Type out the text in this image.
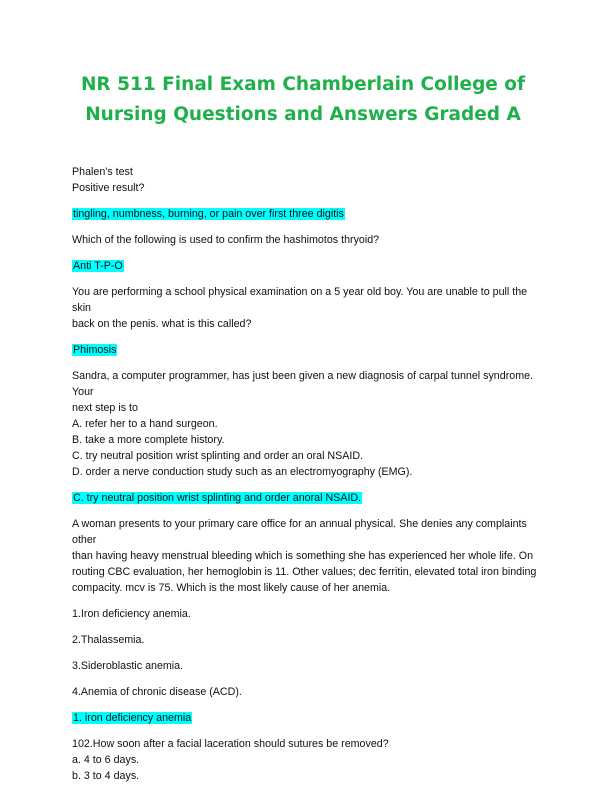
NR 511 Final Exam Chamberlain College of Nursing Questions and Answers Graded A

Phalen's test
Positive result?

tingling, numbness, burning, or pain over first three digitis

Which of the following is used to confirm the hashimotos thryoid?

Anti T-P-O

You are performing a school physical examination on a 5 year old boy. You are unable to pull the skin
back on the penis. what is this called?

Phimosis

Sandra, a computer programmer, has just been given a new diagnosis of carpal tunnel syndrome. Your
next step is to
A. refer her to a hand surgeon.
B. take a more complete history.
C. try neutral position wrist splinting and order an oral NSAID.
D. order a nerve conduction study such as an electromyography (EMG).

C. try neutral position wrist splinting and order anoral NSAID.

A woman presents to your primary care office for an annual physical. She denies any complaints other
than having heavy menstrual bleeding which is something she has experienced her whole life. On
routing CBC evaluation, her hemoglobin is 11. Other values; dec ferritin, elevated total iron binding
compacity. mcv is 75. Which is the most likely cause of her anemia.

1.Iron deficiency anemia.

2.Thalassemia.

3.Sideroblastic anemia.

4.Anemia of chronic disease (ACD).

1. iron deficiency anemia

102.How soon after a facial laceration should sutures be removed?
a. 4 to 6 days.
b. 3 to 4 days.
